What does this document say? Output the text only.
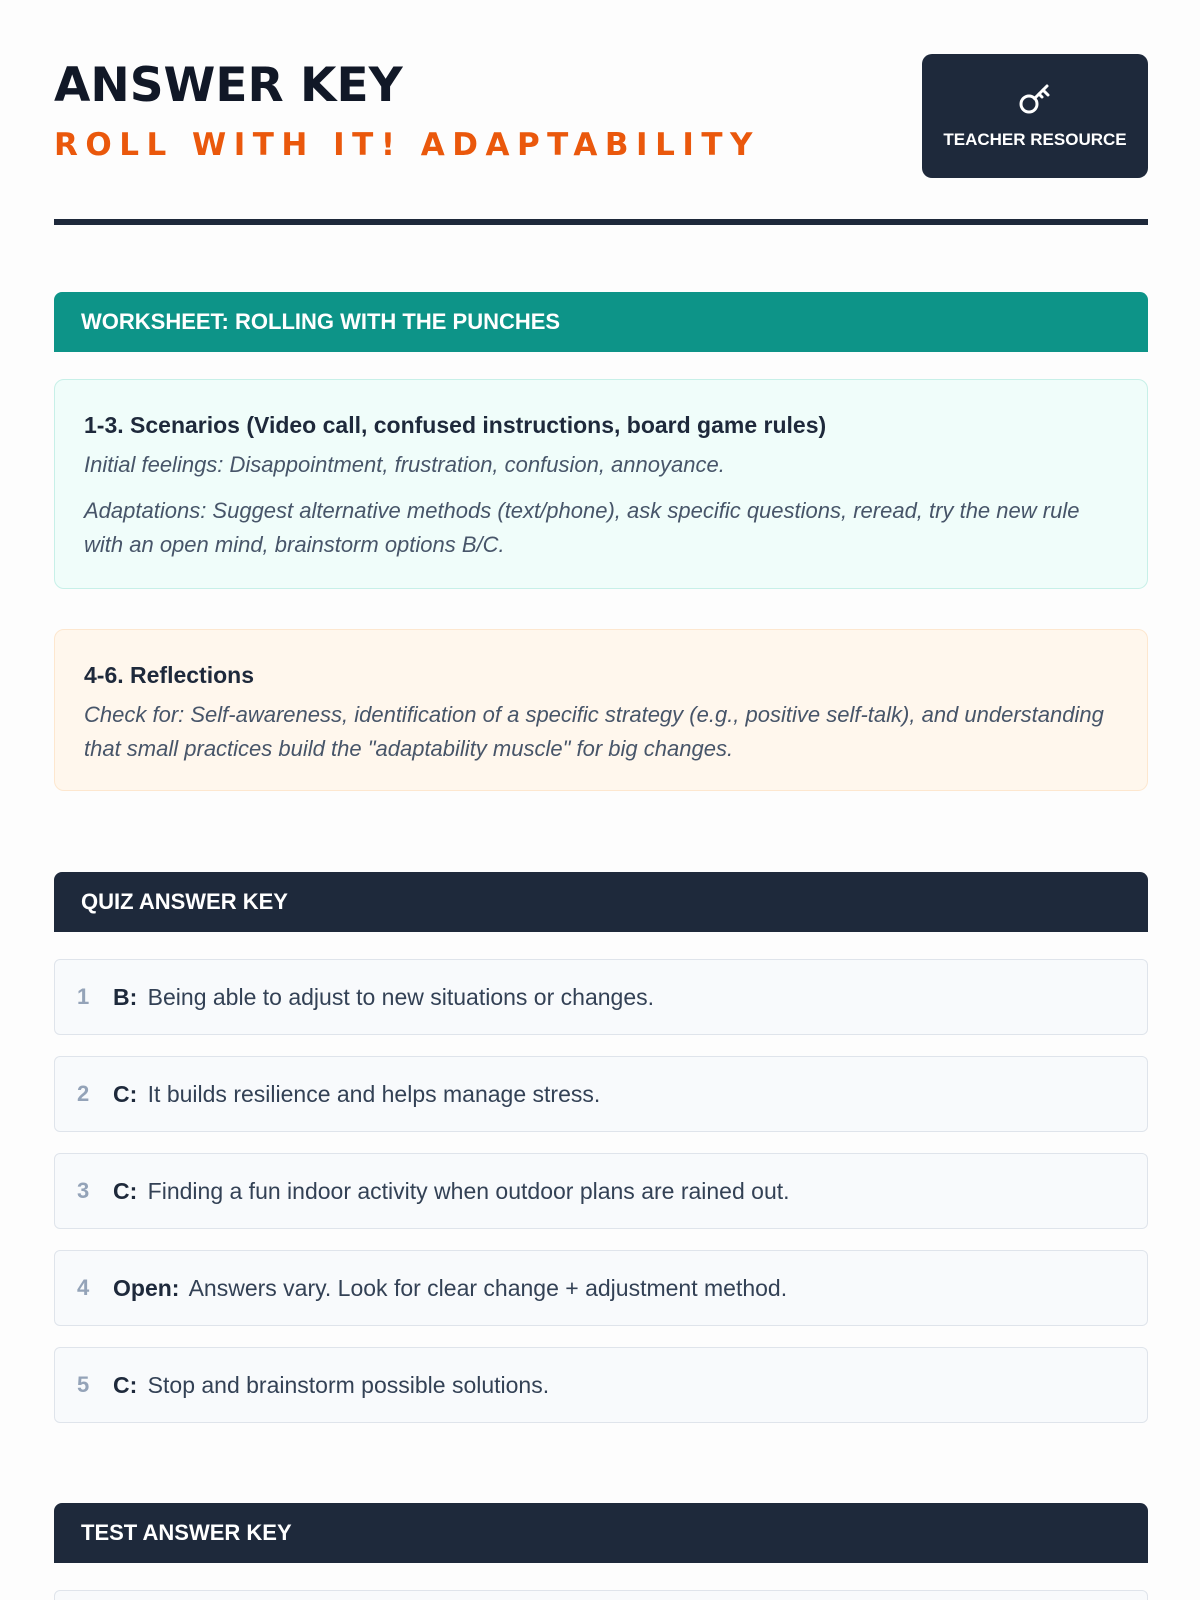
ANSWER KEY
ROLL WITH IT! ADAPTABILITY	TEACHER RESOURCE
WORKSHEET: ROLLING WITH THE PUNCHES
1-3. Scenarios (Video call, confused instructions, board game rules)

Initial feelings: Disappointment, frustration, confusion, annoyance.

Adaptations: Suggest alternative methods (text/phone), ask specific questions, reread, try the new rule with an open mind, brainstorm options B/C.

4-6. Reflections

Check for: Self-awareness, identification of a specific strategy (e.g., positive self-talk), and understanding that small practices build the "adaptability muscle" for big changes.

QUIZ ANSWER KEY
1 B: Being able to adjust to new situations or changes.
2 C: It builds resilience and helps manage stress.
3 C: Finding a fun indoor activity when outdoor plans are rained out.
4 Open: Answers vary. Look for clear change + adjustment method.
5 C: Stop and brainstorm possible solutions.
TEST ANSWER KEY
